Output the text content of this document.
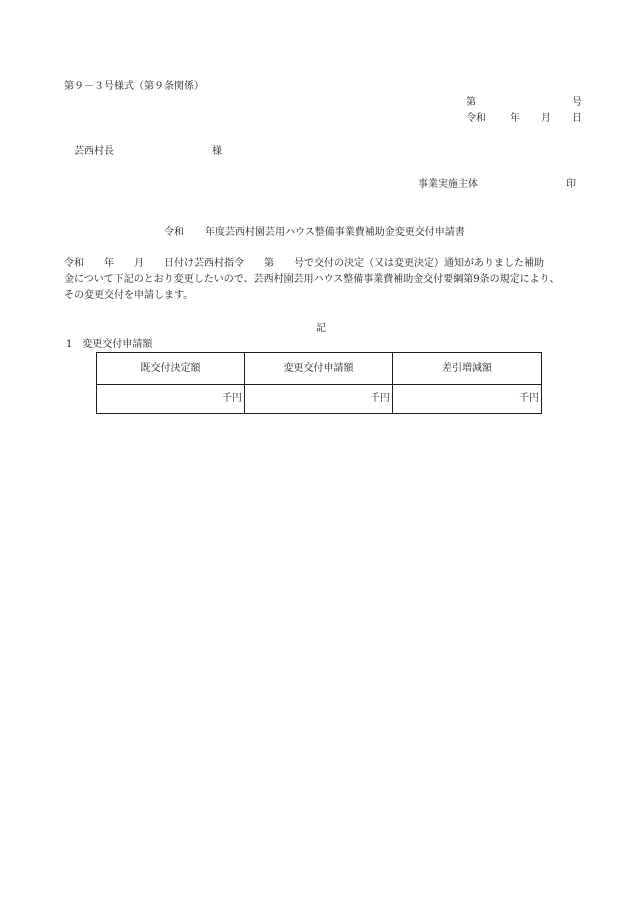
第９－３号様式（第９条関係）
第	号
令和 年 月 日
芸西村長	様
事業実施主体	印
令和 年度芸西村園芸用ハウス整備事業費補助金変更交付申請書
令和　　年　　月　　日付け芸西村指令　　第　　号で交付の決定（又は変更決定）通知がありました補助
金について下記のとおり変更したいので、芸西村園芸用ハウス整備事業費補助金交付要綱第9条の規定により、
その変更交付を申請します。
記
1 変更交付申請額
既交付決定額	変更交付申請額	差引増減額
千円	千円	千円
